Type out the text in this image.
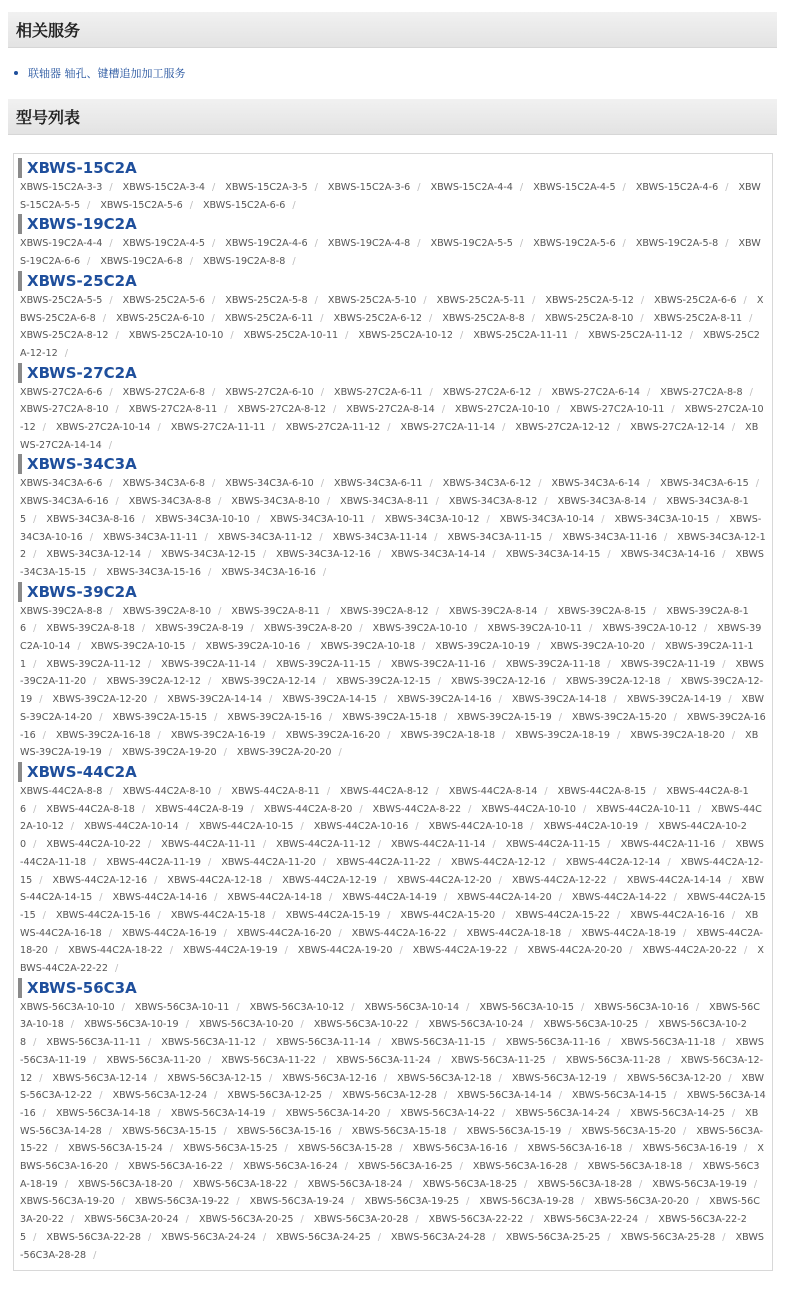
相关服务
联轴器 轴孔、键槽追加加工服务
型号列表
XBWS-15C2A
XBWS-15C2A-3-3 / XBWS-15C2A-3-4 / XBWS-15C2A-3-5 / XBWS-15C2A-3-6 / XBWS-15C2A-4-4 / XBWS-15C2A-4-5 / XBWS-15C2A-4-6 / XBWS-15C2A-5-5 / XBWS-15C2A-5-6 / XBWS-15C2A-6-6 /
XBWS-19C2A
XBWS-19C2A-4-4 / XBWS-19C2A-4-5 / XBWS-19C2A-4-6 / XBWS-19C2A-4-8 / XBWS-19C2A-5-5 / XBWS-19C2A-5-6 / XBWS-19C2A-5-8 / XBWS-19C2A-6-6 / XBWS-19C2A-6-8 / XBWS-19C2A-8-8 /
XBWS-25C2A
XBWS-25C2A-5-5 / XBWS-25C2A-5-6 / XBWS-25C2A-5-8 / XBWS-25C2A-5-10 / XBWS-25C2A-5-11 / XBWS-25C2A-5-12 / XBWS-25C2A-6-6 / XBWS-25C2A-6-8 / XBWS-25C2A-6-10 / XBWS-25C2A-6-11 / XBWS-25C2A-6-12 / XBWS-25C2A-8-8 / XBWS-25C2A-8-10 / XBWS-25C2A-8-11 / XBWS-25C2A-8-12 / XBWS-25C2A-10-10 / XBWS-25C2A-10-11 / XBWS-25C2A-10-12 / XBWS-25C2A-11-11 / XBWS-25C2A-11-12 / XBWS-25C2A-12-12 /
XBWS-27C2A
XBWS-27C2A-6-6 / XBWS-27C2A-6-8 / XBWS-27C2A-6-10 / XBWS-27C2A-6-11 / XBWS-27C2A-6-12 / XBWS-27C2A-6-14 / XBWS-27C2A-8-8 / XBWS-27C2A-8-10 / XBWS-27C2A-8-11 / XBWS-27C2A-8-12 / XBWS-27C2A-8-14 / XBWS-27C2A-10-10 / XBWS-27C2A-10-11 / XBWS-27C2A-10-12 / XBWS-27C2A-10-14 / XBWS-27C2A-11-11 / XBWS-27C2A-11-12 / XBWS-27C2A-11-14 / XBWS-27C2A-12-12 / XBWS-27C2A-12-14 / XBWS-27C2A-14-14 /
XBWS-34C3A
XBWS-34C3A-6-6 / XBWS-34C3A-6-8 / XBWS-34C3A-6-10 / XBWS-34C3A-6-11 / XBWS-34C3A-6-12 / XBWS-34C3A-6-14 / XBWS-34C3A-6-15 / XBWS-34C3A-6-16 / XBWS-34C3A-8-8 / XBWS-34C3A-8-10 / XBWS-34C3A-8-11 / XBWS-34C3A-8-12 / XBWS-34C3A-8-14 / XBWS-34C3A-8-15 / XBWS-34C3A-8-16 / XBWS-34C3A-10-10 / XBWS-34C3A-10-11 / XBWS-34C3A-10-12 / XBWS-34C3A-10-14 / XBWS-34C3A-10-15 / XBWS-34C3A-10-16 / XBWS-34C3A-11-11 / XBWS-34C3A-11-12 / XBWS-34C3A-11-14 / XBWS-34C3A-11-15 / XBWS-34C3A-11-16 / XBWS-34C3A-12-12 / XBWS-34C3A-12-14 / XBWS-34C3A-12-15 / XBWS-34C3A-12-16 / XBWS-34C3A-14-14 / XBWS-34C3A-14-15 / XBWS-34C3A-14-16 / XBWS-34C3A-15-15 / XBWS-34C3A-15-16 / XBWS-34C3A-16-16 /
XBWS-39C2A
XBWS-39C2A-8-8 / XBWS-39C2A-8-10 / XBWS-39C2A-8-11 / XBWS-39C2A-8-12 / XBWS-39C2A-8-14 / XBWS-39C2A-8-15 / XBWS-39C2A-8-16 / XBWS-39C2A-8-18 / XBWS-39C2A-8-19 / XBWS-39C2A-8-20 / XBWS-39C2A-10-10 / XBWS-39C2A-10-11 / XBWS-39C2A-10-12 / XBWS-39C2A-10-14 / XBWS-39C2A-10-15 / XBWS-39C2A-10-16 / XBWS-39C2A-10-18 / XBWS-39C2A-10-19 / XBWS-39C2A-10-20 / XBWS-39C2A-11-11 / XBWS-39C2A-11-12 / XBWS-39C2A-11-14 / XBWS-39C2A-11-15 / XBWS-39C2A-11-16 / XBWS-39C2A-11-18 / XBWS-39C2A-11-19 / XBWS-39C2A-11-20 / XBWS-39C2A-12-12 / XBWS-39C2A-12-14 / XBWS-39C2A-12-15 / XBWS-39C2A-12-16 / XBWS-39C2A-12-18 / XBWS-39C2A-12-19 / XBWS-39C2A-12-20 / XBWS-39C2A-14-14 / XBWS-39C2A-14-15 / XBWS-39C2A-14-16 / XBWS-39C2A-14-18 / XBWS-39C2A-14-19 / XBWS-39C2A-14-20 / XBWS-39C2A-15-15 / XBWS-39C2A-15-16 / XBWS-39C2A-15-18 / XBWS-39C2A-15-19 / XBWS-39C2A-15-20 / XBWS-39C2A-16-16 / XBWS-39C2A-16-18 / XBWS-39C2A-16-19 / XBWS-39C2A-16-20 / XBWS-39C2A-18-18 / XBWS-39C2A-18-19 / XBWS-39C2A-18-20 / XBWS-39C2A-19-19 / XBWS-39C2A-19-20 / XBWS-39C2A-20-20 /
XBWS-44C2A
XBWS-44C2A-8-8 / XBWS-44C2A-8-10 / XBWS-44C2A-8-11 / XBWS-44C2A-8-12 / XBWS-44C2A-8-14 / XBWS-44C2A-8-15 / XBWS-44C2A-8-16 / XBWS-44C2A-8-18 / XBWS-44C2A-8-19 / XBWS-44C2A-8-20 / XBWS-44C2A-8-22 / XBWS-44C2A-10-10 / XBWS-44C2A-10-11 / XBWS-44C2A-10-12 / XBWS-44C2A-10-14 / XBWS-44C2A-10-15 / XBWS-44C2A-10-16 / XBWS-44C2A-10-18 / XBWS-44C2A-10-19 / XBWS-44C2A-10-20 / XBWS-44C2A-10-22 / XBWS-44C2A-11-11 / XBWS-44C2A-11-12 / XBWS-44C2A-11-14 / XBWS-44C2A-11-15 / XBWS-44C2A-11-16 / XBWS-44C2A-11-18 / XBWS-44C2A-11-19 / XBWS-44C2A-11-20 / XBWS-44C2A-11-22 / XBWS-44C2A-12-12 / XBWS-44C2A-12-14 / XBWS-44C2A-12-15 / XBWS-44C2A-12-16 / XBWS-44C2A-12-18 / XBWS-44C2A-12-19 / XBWS-44C2A-12-20 / XBWS-44C2A-12-22 / XBWS-44C2A-14-14 / XBWS-44C2A-14-15 / XBWS-44C2A-14-16 / XBWS-44C2A-14-18 / XBWS-44C2A-14-19 / XBWS-44C2A-14-20 / XBWS-44C2A-14-22 / XBWS-44C2A-15-15 / XBWS-44C2A-15-16 / XBWS-44C2A-15-18 / XBWS-44C2A-15-19 / XBWS-44C2A-15-20 / XBWS-44C2A-15-22 / XBWS-44C2A-16-16 / XBWS-44C2A-16-18 / XBWS-44C2A-16-19 / XBWS-44C2A-16-20 / XBWS-44C2A-16-22 / XBWS-44C2A-18-18 / XBWS-44C2A-18-19 / XBWS-44C2A-18-20 / XBWS-44C2A-18-22 / XBWS-44C2A-19-19 / XBWS-44C2A-19-20 / XBWS-44C2A-19-22 / XBWS-44C2A-20-20 / XBWS-44C2A-20-22 / XBWS-44C2A-22-22 /
XBWS-56C3A
XBWS-56C3A-10-10 / XBWS-56C3A-10-11 / XBWS-56C3A-10-12 / XBWS-56C3A-10-14 / XBWS-56C3A-10-15 / XBWS-56C3A-10-16 / XBWS-56C3A-10-18 / XBWS-56C3A-10-19 / XBWS-56C3A-10-20 / XBWS-56C3A-10-22 / XBWS-56C3A-10-24 / XBWS-56C3A-10-25 / XBWS-56C3A-10-28 / XBWS-56C3A-11-11 / XBWS-56C3A-11-12 / XBWS-56C3A-11-14 / XBWS-56C3A-11-15 / XBWS-56C3A-11-16 / XBWS-56C3A-11-18 / XBWS-56C3A-11-19 / XBWS-56C3A-11-20 / XBWS-56C3A-11-22 / XBWS-56C3A-11-24 / XBWS-56C3A-11-25 / XBWS-56C3A-11-28 / XBWS-56C3A-12-12 / XBWS-56C3A-12-14 / XBWS-56C3A-12-15 / XBWS-56C3A-12-16 / XBWS-56C3A-12-18 / XBWS-56C3A-12-19 / XBWS-56C3A-12-20 / XBWS-56C3A-12-22 / XBWS-56C3A-12-24 / XBWS-56C3A-12-25 / XBWS-56C3A-12-28 / XBWS-56C3A-14-14 / XBWS-56C3A-14-15 / XBWS-56C3A-14-16 / XBWS-56C3A-14-18 / XBWS-56C3A-14-19 / XBWS-56C3A-14-20 / XBWS-56C3A-14-22 / XBWS-56C3A-14-24 / XBWS-56C3A-14-25 / XBWS-56C3A-14-28 / XBWS-56C3A-15-15 / XBWS-56C3A-15-16 / XBWS-56C3A-15-18 / XBWS-56C3A-15-19 / XBWS-56C3A-15-20 / XBWS-56C3A-15-22 / XBWS-56C3A-15-24 / XBWS-56C3A-15-25 / XBWS-56C3A-15-28 / XBWS-56C3A-16-16 / XBWS-56C3A-16-18 / XBWS-56C3A-16-19 / XBWS-56C3A-16-20 / XBWS-56C3A-16-22 / XBWS-56C3A-16-24 / XBWS-56C3A-16-25 / XBWS-56C3A-16-28 / XBWS-56C3A-18-18 / XBWS-56C3A-18-19 / XBWS-56C3A-18-20 / XBWS-56C3A-18-22 / XBWS-56C3A-18-24 / XBWS-56C3A-18-25 / XBWS-56C3A-18-28 / XBWS-56C3A-19-19 / XBWS-56C3A-19-20 / XBWS-56C3A-19-22 / XBWS-56C3A-19-24 / XBWS-56C3A-19-25 / XBWS-56C3A-19-28 / XBWS-56C3A-20-20 / XBWS-56C3A-20-22 / XBWS-56C3A-20-24 / XBWS-56C3A-20-25 / XBWS-56C3A-20-28 / XBWS-56C3A-22-22 / XBWS-56C3A-22-24 / XBWS-56C3A-22-25 / XBWS-56C3A-22-28 / XBWS-56C3A-24-24 / XBWS-56C3A-24-25 / XBWS-56C3A-24-28 / XBWS-56C3A-25-25 / XBWS-56C3A-25-28 / XBWS-56C3A-28-28 /
